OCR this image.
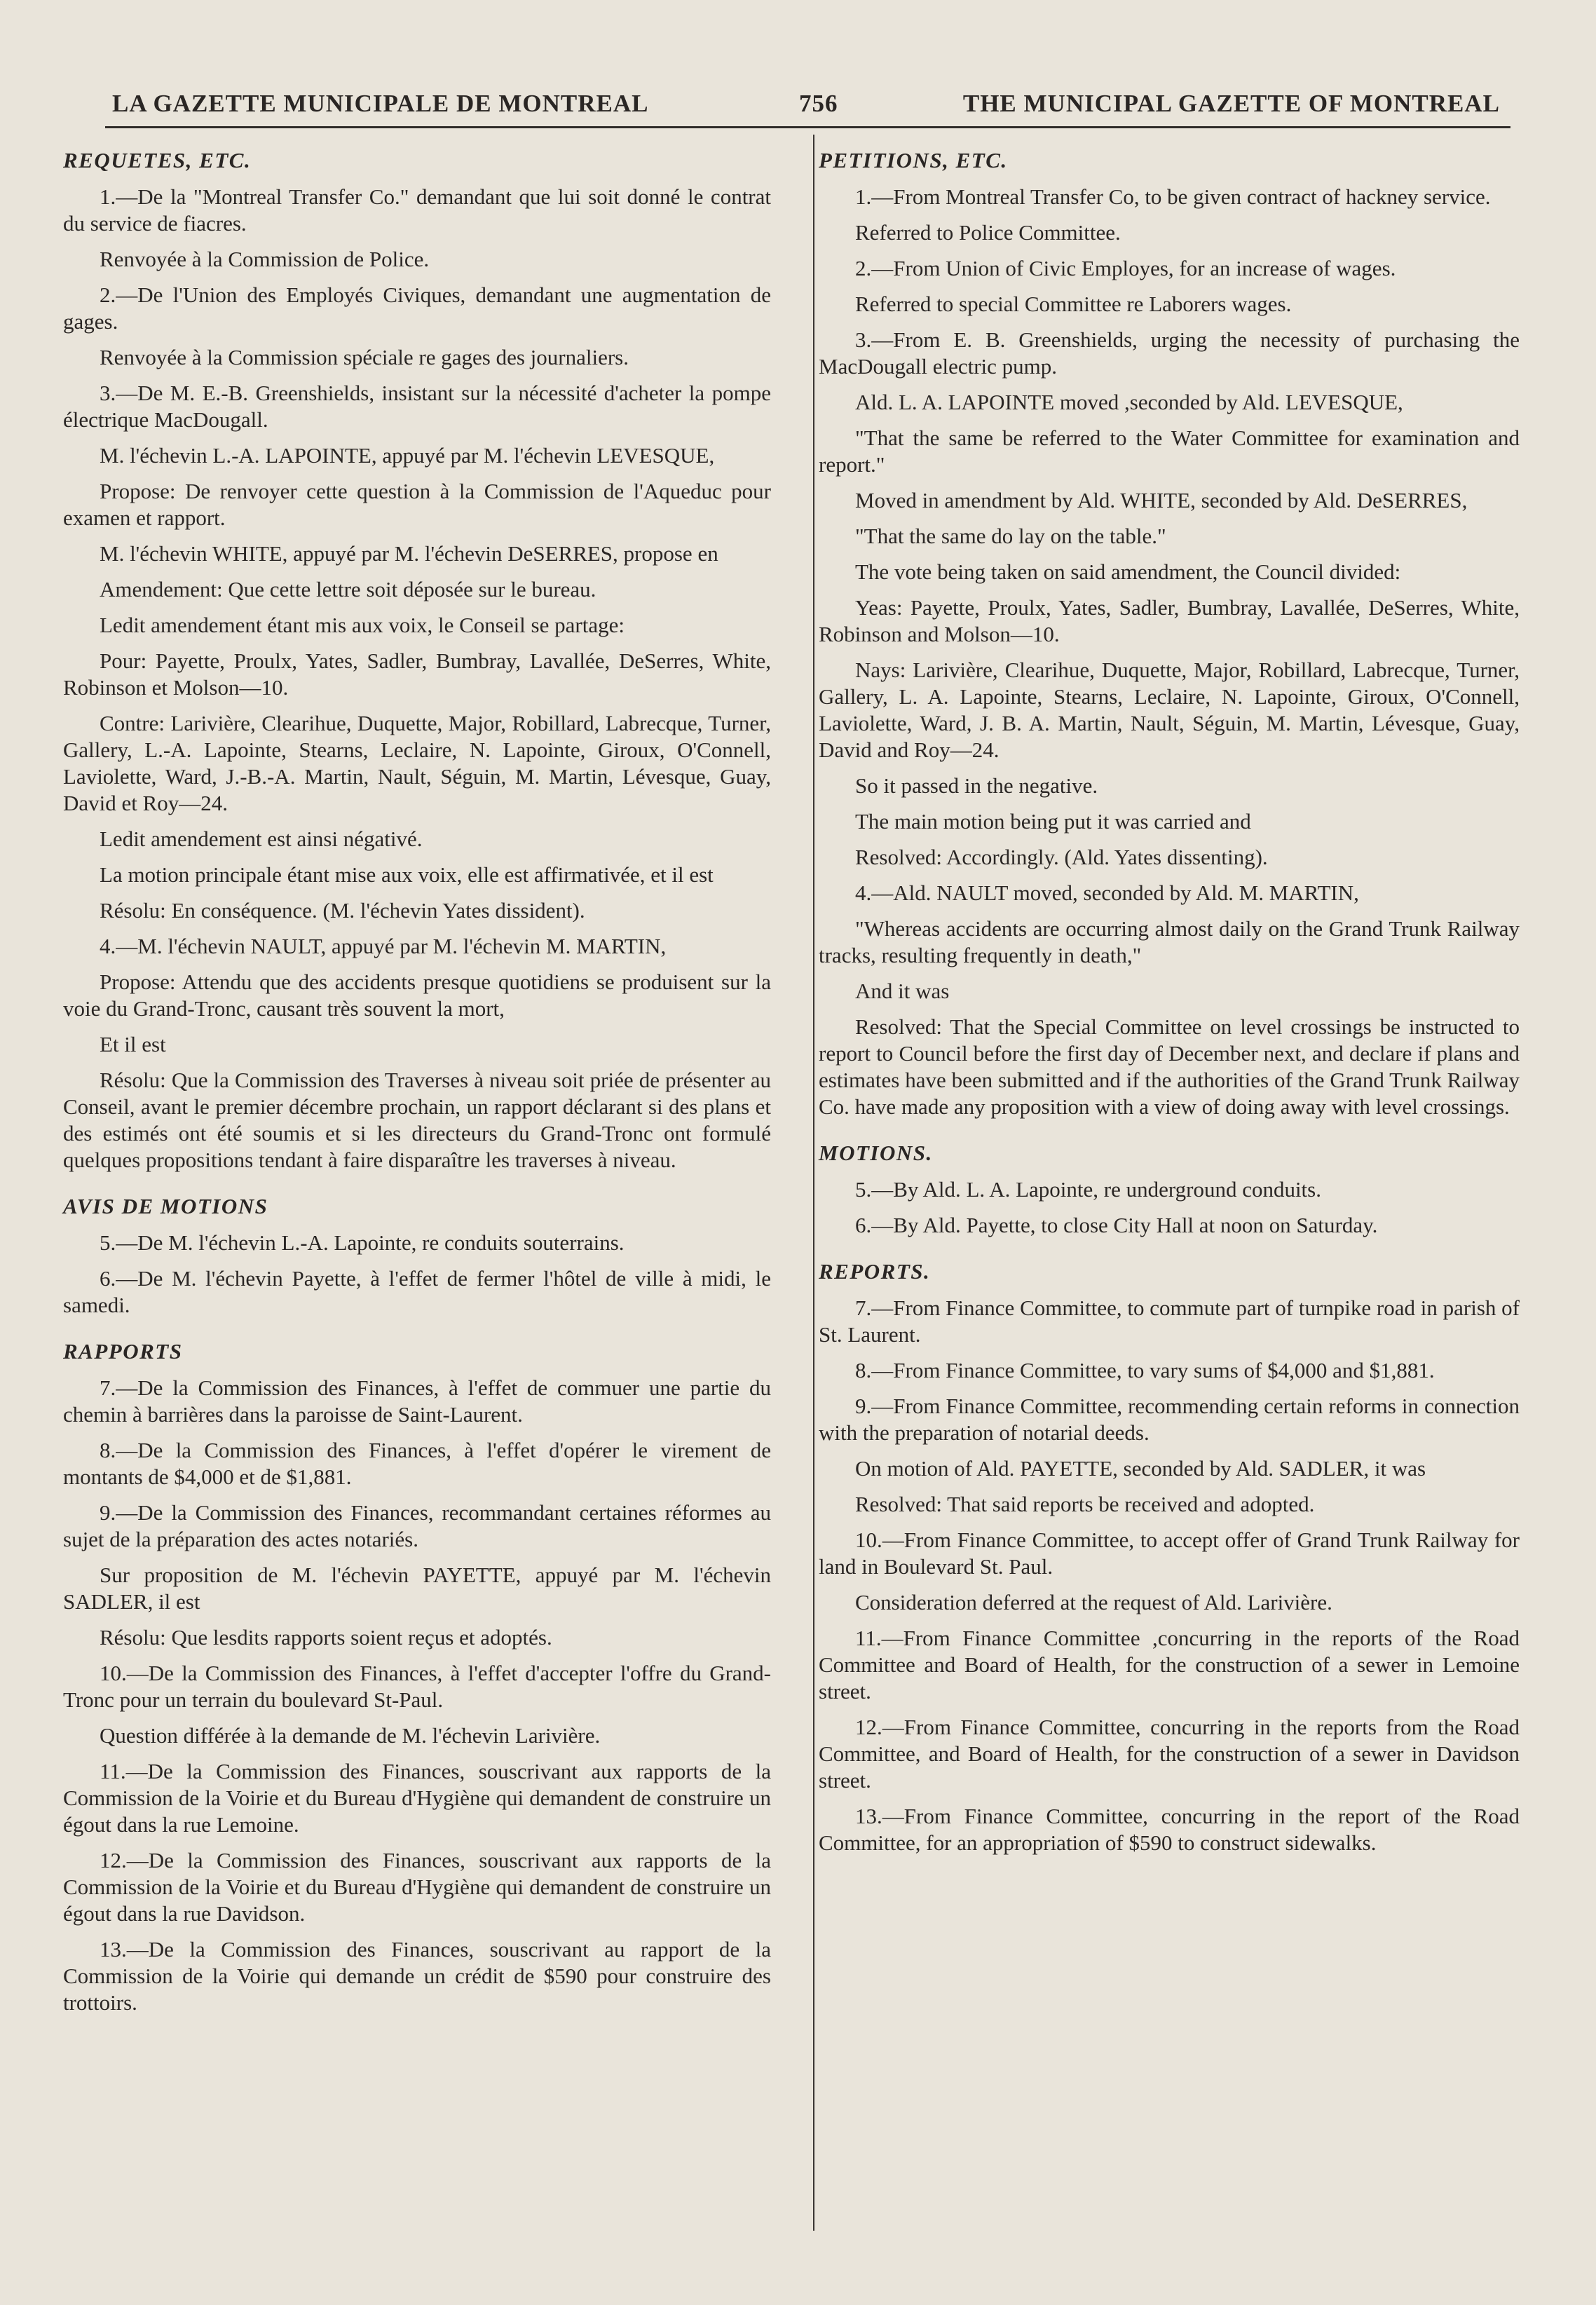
LA GAZETTE MUNICIPALE DE MONTREAL	756	THE MUNICIPAL GAZETTE OF MONTREAL
REQUETES, ETC.

1.—De la "Montreal Transfer Co." demandant que lui soit donné le contrat du service de fiacres.

Renvoyée à la Commission de Police.

2.—De l'Union des Employés Civiques, demandant une augmentation de gages.

Renvoyée à la Commission spéciale re gages des journaliers.

3.—De M. E.-B. Greenshields, insistant sur la nécessité d'acheter la pompe électrique MacDougall.

M. l'échevin L.-A. LAPOINTE, appuyé par M. l'échevin LEVESQUE,

Propose: De renvoyer cette question à la Commission de l'Aqueduc pour examen et rapport.

M. l'échevin WHITE, appuyé par M. l'échevin DeSERRES, propose en

Amendement: Que cette lettre soit déposée sur le bureau.

Ledit amendement étant mis aux voix, le Conseil se partage:

Pour: Payette, Proulx, Yates, Sadler, Bumbray, Lavallée, DeSerres, White, Robinson et Molson—10.

Contre: Larivière, Clearihue, Duquette, Major, Robillard, Labrecque, Turner, Gallery, L.-A. Lapointe, Stearns, Leclaire, N. Lapointe, Giroux, O'Connell, Laviolette, Ward, J.-B.-A. Martin, Nault, Séguin, M. Martin, Lévesque, Guay, David et Roy—24.

Ledit amendement est ainsi négativé.

La motion principale étant mise aux voix, elle est affirmativée, et il est

Résolu: En conséquence. (M. l'échevin Yates dissident).

4.—M. l'échevin NAULT, appuyé par M. l'échevin M. MARTIN,

Propose: Attendu que des accidents presque quotidiens se produisent sur la voie du Grand-Tronc, causant très souvent la mort,

Et il est

Résolu: Que la Commission des Traverses à niveau soit priée de présenter au Conseil, avant le premier décembre prochain, un rapport déclarant si des plans et des estimés ont été soumis et si les directeurs du Grand-Tronc ont formulé quelques propositions tendant à faire disparaître les traverses à niveau.

AVIS DE MOTIONS

5.—De M. l'échevin L.-A. Lapointe, re conduits souterrains.

6.—De M. l'échevin Payette, à l'effet de fermer l'hôtel de ville à midi, le samedi.

RAPPORTS

7.—De la Commission des Finances, à l'effet de commuer une partie du chemin à barrières dans la paroisse de Saint-Laurent.

8.—De la Commission des Finances, à l'effet d'opérer le virement de montants de $4,000 et de $1,881.

9.—De la Commission des Finances, recommandant certaines réformes au sujet de la préparation des actes notariés.

Sur proposition de M. l'échevin PAYETTE, appuyé par M. l'échevin SADLER, il est

Résolu: Que lesdits rapports soient reçus et adoptés.

10.—De la Commission des Finances, à l'effet d'accepter l'offre du Grand-Tronc pour un terrain du boulevard St-Paul.

Question différée à la demande de M. l'échevin Larivière.

11.—De la Commission des Finances, souscrivant aux rapports de la Commission de la Voirie et du Bureau d'Hygiène qui demandent de construire un égout dans la rue Lemoine.

12.—De la Commission des Finances, souscrivant aux rapports de la Commission de la Voirie et du Bureau d'Hygiène qui demandent de construire un égout dans la rue Davidson.

13.—De la Commission des Finances, souscrivant au rapport de la Commission de la Voirie qui demande un crédit de $590 pour construire des trottoirs.

PETITIONS, ETC.

1.—From Montreal Transfer Co, to be given contract of hackney service.

Referred to Police Committee.

2.—From Union of Civic Employes, for an increase of wages.

Referred to special Committee re Laborers wages.

3.—From E. B. Greenshields, urging the necessity of purchasing the MacDougall electric pump.

Ald. L. A. LAPOINTE moved ,seconded by Ald. LEVESQUE,

"That the same be referred to the Water Committee for examination and report."

Moved in amendment by Ald. WHITE, seconded by Ald. DeSERRES,

"That the same do lay on the table."

The vote being taken on said amendment, the Council divided:

Yeas: Payette, Proulx, Yates, Sadler, Bumbray, Lavallée, DeSerres, White, Robinson and Molson—10.

Nays: Larivière, Clearihue, Duquette, Major, Robillard, Labrecque, Turner, Gallery, L. A. Lapointe, Stearns, Leclaire, N. Lapointe, Giroux, O'Connell, Laviolette, Ward, J. B. A. Martin, Nault, Séguin, M. Martin, Lévesque, Guay, David and Roy—24.

So it passed in the negative.

The main motion being put it was carried and

Resolved: Accordingly. (Ald. Yates dissenting).

4.—Ald. NAULT moved, seconded by Ald. M. MARTIN,

"Whereas accidents are occurring almost daily on the Grand Trunk Railway tracks, resulting frequently in death,"

And it was

Resolved: That the Special Committee on level crossings be instructed to report to Council before the first day of December next, and declare if plans and estimates have been submitted and if the authorities of the Grand Trunk Railway Co. have made any proposition with a view of doing away with level crossings.

MOTIONS.

5.—By Ald. L. A. Lapointe, re underground conduits.

6.—By Ald. Payette, to close City Hall at noon on Saturday.

REPORTS.

7.—From Finance Committee, to commute part of turnpike road in parish of St. Laurent.

8.—From Finance Committee, to vary sums of $4,000 and $1,881.

9.—From Finance Committee, recommending certain reforms in connection with the preparation of notarial deeds.

On motion of Ald. PAYETTE, seconded by Ald. SADLER, it was

Resolved: That said reports be received and adopted.

10.—From Finance Committee, to accept offer of Grand Trunk Railway for land in Boulevard St. Paul.

Consideration deferred at the request of Ald. Larivière.

11.—From Finance Committee ,concurring in the reports of the Road Committee and Board of Health, for the construction of a sewer in Lemoine street.

12.—From Finance Committee, concurring in the reports from the Road Committee, and Board of Health, for the construction of a sewer in Davidson street.

13.—From Finance Committee, concurring in the report of the Road Committee, for an appropriation of $590 to construct sidewalks.
